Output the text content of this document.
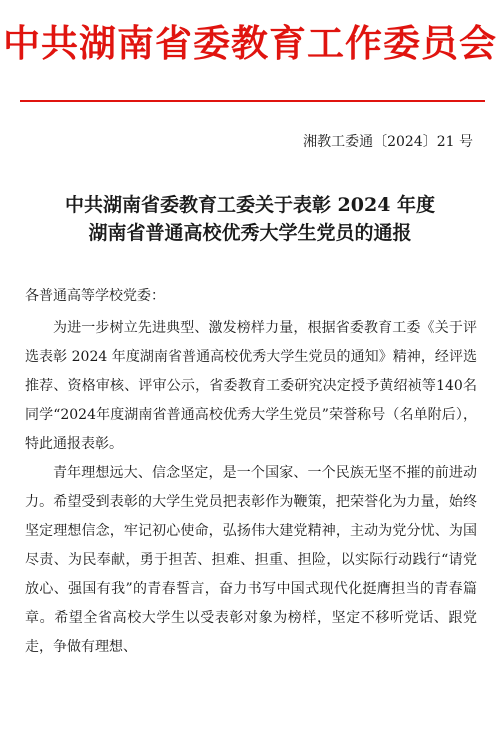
中共湖南省委教育工作委员会
湘教工委通〔2024〕21 号
中共湖南省委教育工委关于表彰 2024 年度
湖南省普通高校优秀大学生党员的通报
各普通高等学校党委：

为进一步树立先进典型、激发榜样力量，根据省委教育工委《关于评选表彰 2024 年度湖南省普通高校优秀大学生党员的通知》精神，经评选推荐、资格审核、评审公示，省委教育工委研究决定授予黄绍祯等140名同学“2024年度湖南省普通高校优秀大学生党员”荣誉称号（名单附后），特此通报表彰。

青年理想远大、信念坚定，是一个国家、一个民族无坚不摧的前进动力。希望受到表彰的大学生党员把表彰作为鞭策，把荣誉化为力量，始终坚定理想信念，牢记初心使命，弘扬伟大建党精神，主动为党分忧、为国尽责、为民奉献，勇于担苦、担难、担重、担险，以实际行动践行“请党放心、强国有我”的青春誓言，奋力书写中国式现代化挺膺担当的青春篇章。希望全省高校大学生以受表彰对象为榜样，坚定不移听党话、跟党走，争做有理想、
